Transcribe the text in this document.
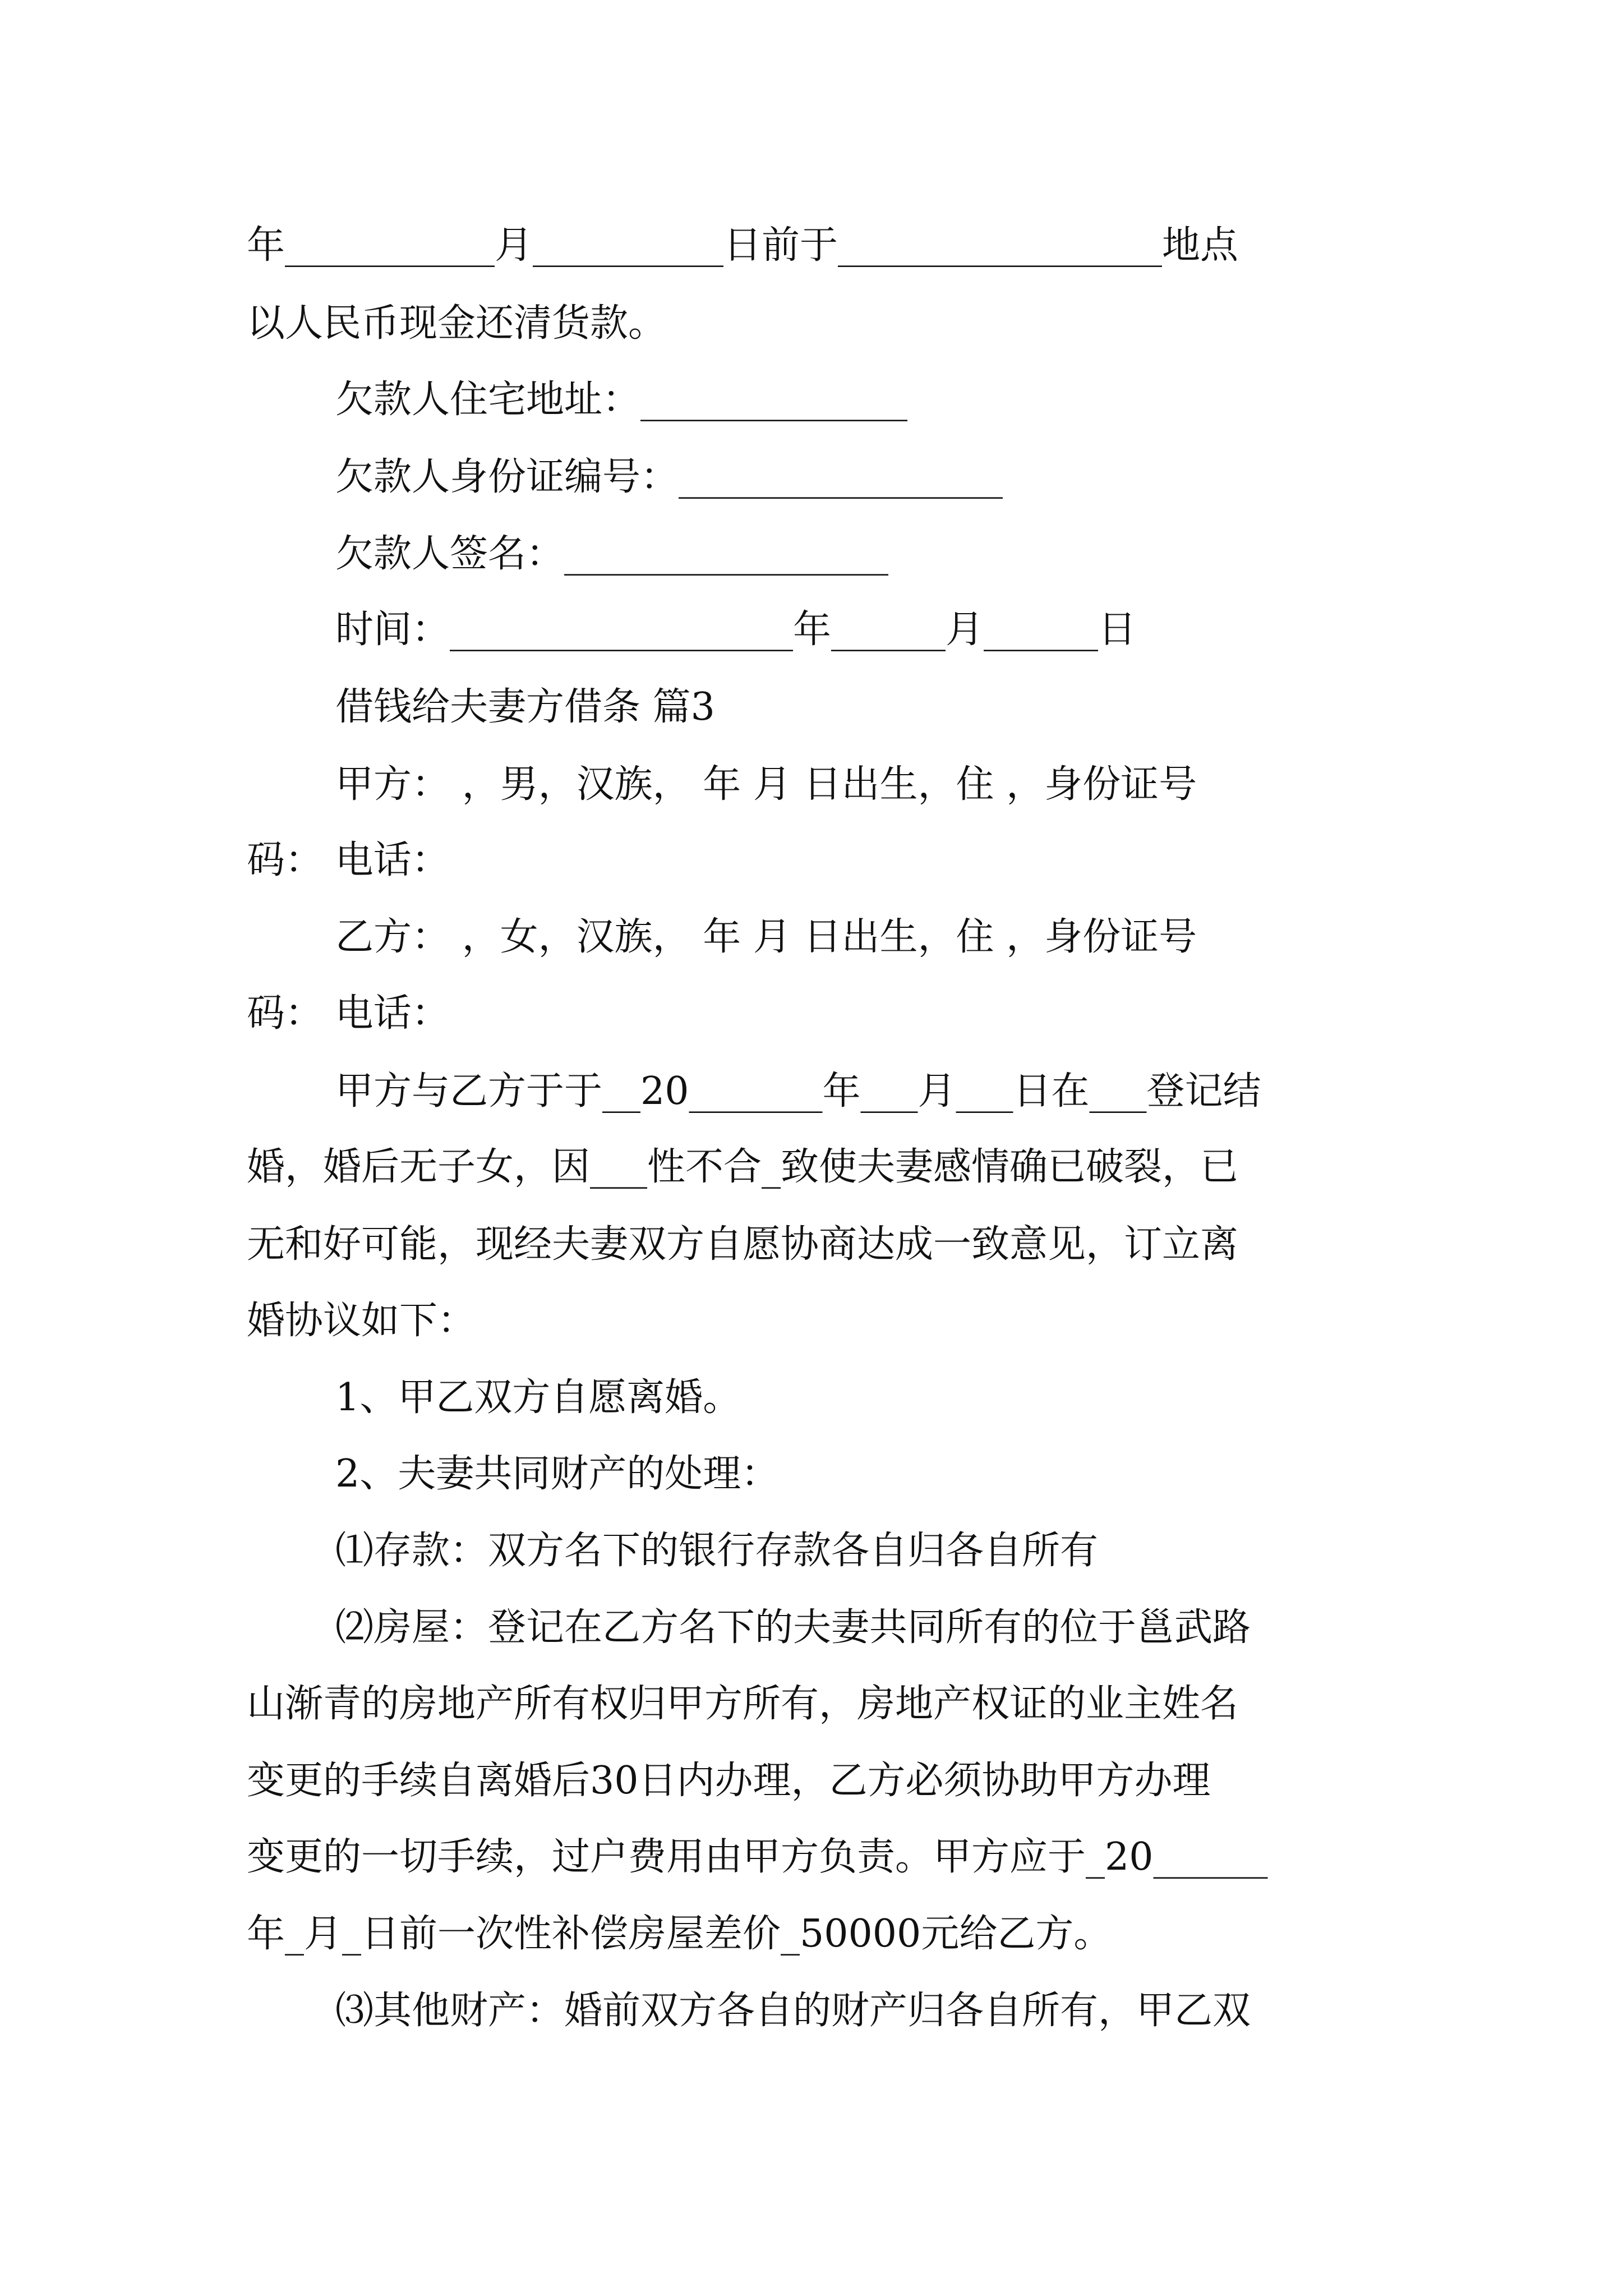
年___________月__________日前于_________________地点
以人民币现金还清货款。
欠款人住宅地址：______________
欠款人身份证编号：_________________
欠款人签名：_________________
时间：__________________年______月______日
借钱给夫妻方借条 篇3
甲方： ，男，汉族， 年 月 日出生，住 ，身份证号
码： 电话：
乙方： ，女，汉族， 年 月 日出生，住 ，身份证号
码： 电话：
甲方与乙方于于__20_______年___月___日在___登记结
婚，婚后无子女，因___性不合_致使夫妻感情确已破裂，已
无和好可能，现经夫妻双方自愿协商达成一致意见，订立离
婚协议如下：
1、甲乙双方自愿离婚。
2、夫妻共同财产的处理：
⑴存款：双方名下的银行存款各自归各自所有
⑵房屋：登记在乙方名下的夫妻共同所有的位于邕武路
山渐青的房地产所有权归甲方所有，房地产权证的业主姓名
变更的手续自离婚后30日内办理，乙方必须协助甲方办理
变更的一切手续，过户费用由甲方负责。甲方应于_20______
年_月_日前一次性补偿房屋差价_50000元给乙方。
⑶其他财产：婚前双方各自的财产归各自所有，甲乙双
